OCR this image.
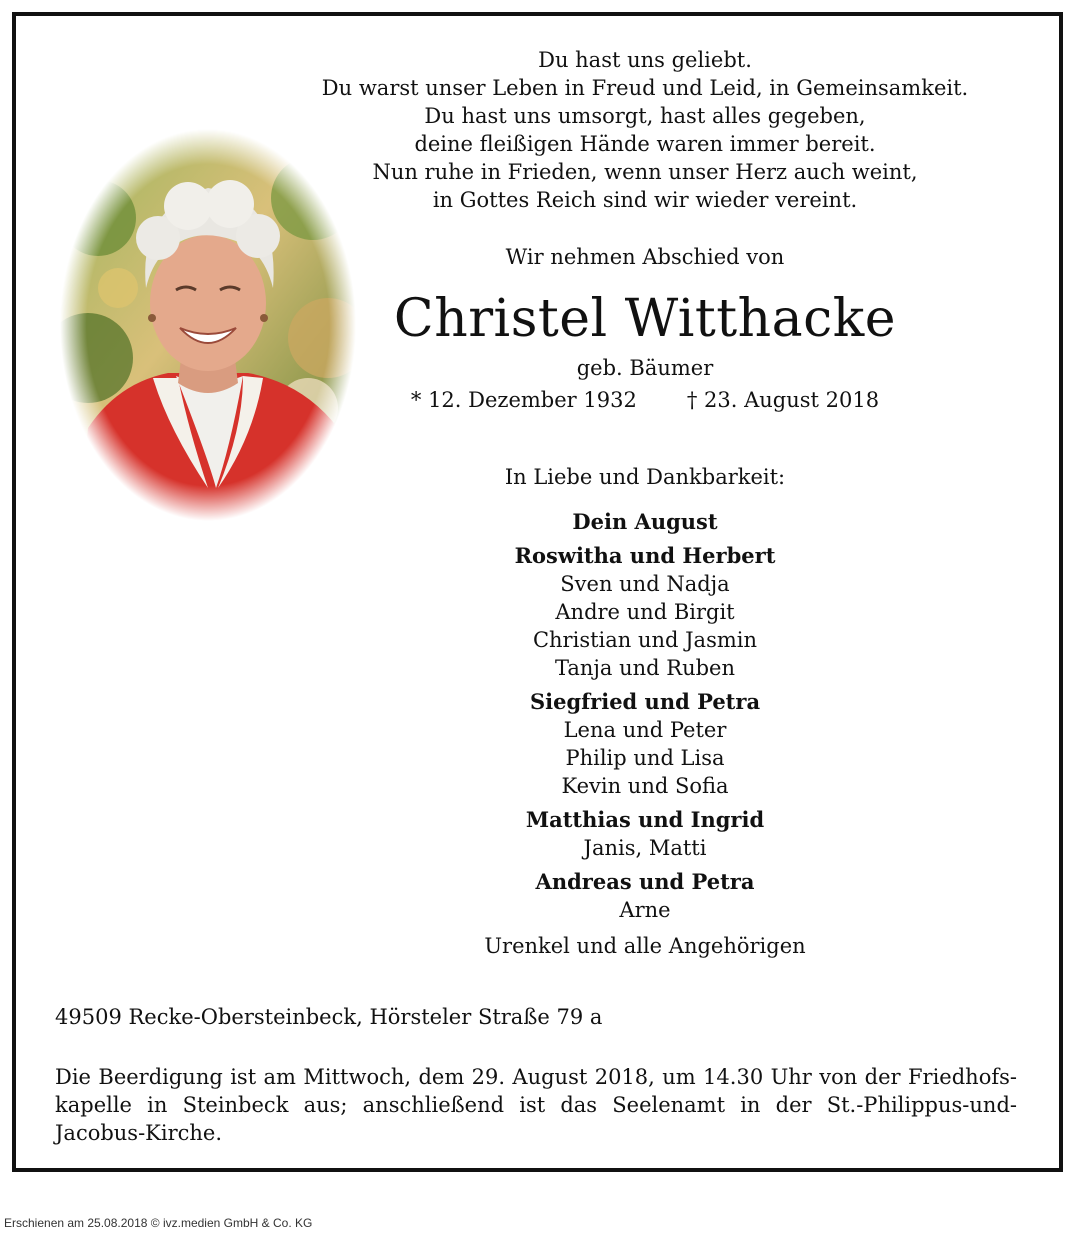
Du hast uns geliebt.
Du warst unser Leben in Freud und Leid, in Gemeinsamkeit.
Du hast uns umsorgt, hast alles gegeben,
deine fleißigen Hände waren immer bereit.
Nun ruhe in Frieden, wenn unser Herz auch weint,
in Gottes Reich sind wir wieder vereint.
Wir nehmen Abschied von
Christel Witthacke
geb. Bäumer
* 12. Dezember 1932 † 23. August 2018
In Liebe und Dankbarkeit:
Dein August
Roswitha und Herbert
Sven und Nadja
Andre und Birgit
Christian und Jasmin
Tanja und Ruben
Siegfried und Petra
Lena und Peter
Philip und Lisa
Kevin und Sofia
Matthias und Ingrid
Janis, Matti
Andreas und Petra
Arne
Urenkel und alle Angehörigen
49509 Recke-Obersteinbeck, Hörsteler Straße 79 a
Die Beerdigung ist am Mittwoch, dem 29. August 2018, um 14.30 Uhr von der Friedhofs-kapelle in Steinbeck aus; anschließend ist das Seelenamt in der St.-Philippus-und-Jacobus-Kirche.
Erschienen am 25.08.2018 © ivz.medien GmbH & Co. KG
